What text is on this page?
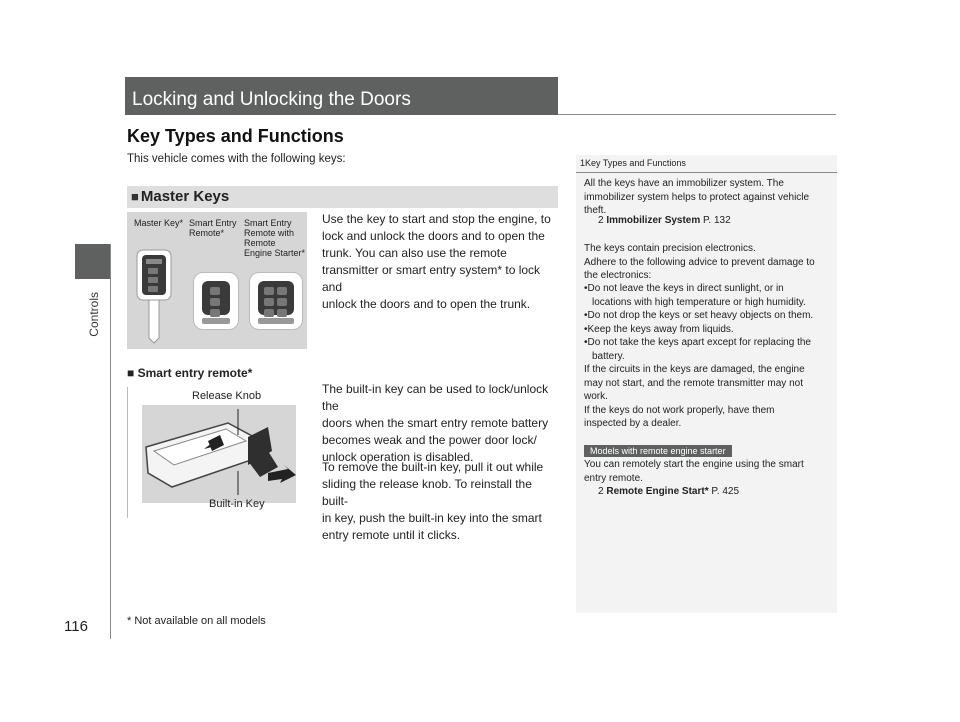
Controls
116
Locking and Unlocking the Doors
Key Types and Functions
This vehicle comes with the following keys:
■ Master Keys
Master Key* Smart Entry Remote*
Smart Entry Remote with Remote Engine Starter*
Use the key to start and stop the engine, to
lock and unlock the doors and to open the
trunk. You can also use the remote
transmitter or smart entry system* to lock and
unlock the doors and to open the trunk.
■ Smart entry remote*
Release Knob
Built-in Key
The built-in key can be used to lock/unlock the
doors when the smart entry remote battery
becomes weak and the power door lock/
unlock operation is disabled.
To remove the built-in key, pull it out while
sliding the release knob. To reinstall the built-
in key, push the built-in key into the smart
entry remote until it clicks.
1Key Types and Functions
All the keys have an immobilizer system. The
immobilizer system helps to protect against vehicle
theft.
2 Immobilizer System P. 132
The keys contain precision electronics.
Adhere to the following advice to prevent damage to
the electronics:
•Do not leave the keys in direct sunlight, or in
locations with high temperature or high humidity.
•Do not drop the keys or set heavy objects on them.
•Keep the keys away from liquids.
•Do not take the keys apart except for replacing the
battery.
If the circuits in the keys are damaged, the engine
may not start, and the remote transmitter may not
work.
If the keys do not work properly, have them
inspected by a dealer.
Models with remote engine starter
You can remotely start the engine using the smart
entry remote.
2 Remote Engine Start* P. 425
* Not available on all models
